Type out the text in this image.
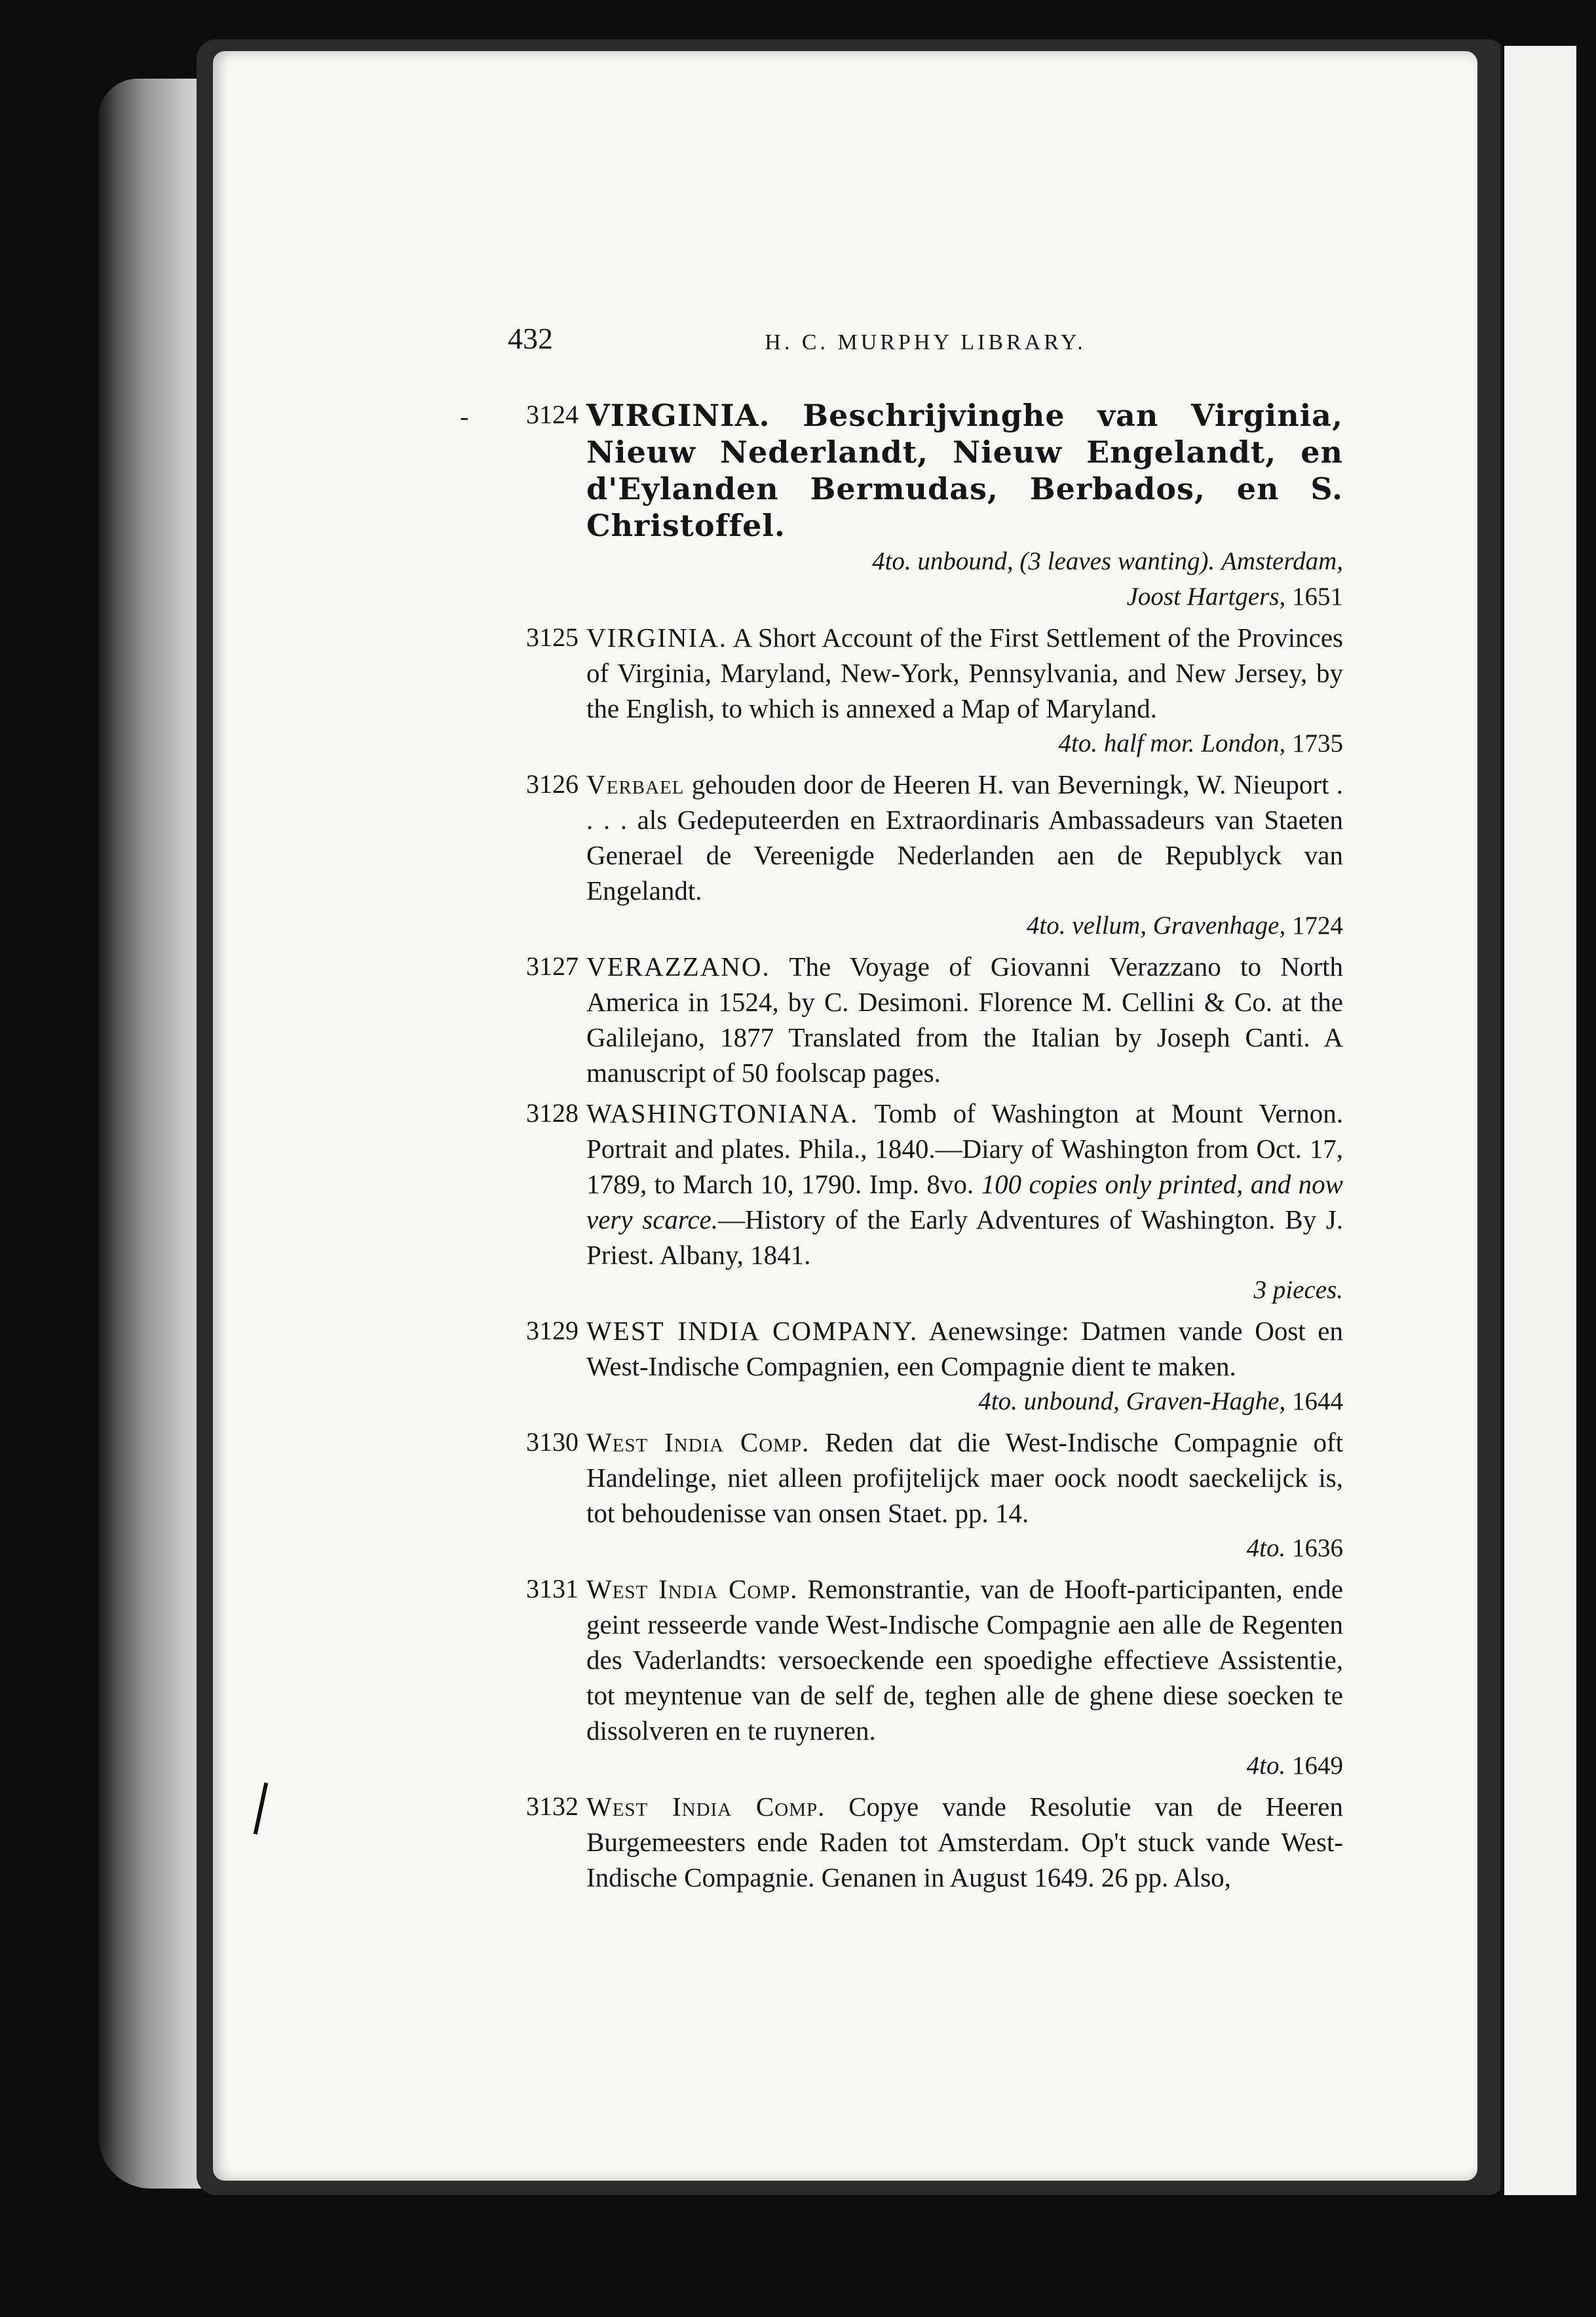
-
432	H. C. MURPHY LIBRARY.
3124 VIRGINIA. Beschrijvinghe van Virginia, Nieuw Nederlandt, Nieuw Engelandt, en d'Eylanden Bermudas, Berbados, en S. Christoffel.
4to. unbound, (3 leaves wanting). Amsterdam,
Joost Hartgers, 1651
3125 VIRGINIA. A Short Account of the First Settlement of the Provinces of Virginia, Maryland, New-York, Pennsylvania, and New Jersey, by the English, to which is annexed a Map of Maryland.
4to. half mor. London, 1735
3126 Verbael gehouden door de Heeren H. van Beverningk, W. Nieuport . . . . als Gedeputeerden en Extraordinaris Ambassadeurs van Staeten Generael de Vereenigde Nederlanden aen de Republyck van Engelandt.
4to. vellum, Gravenhage, 1724
3127 VERAZZANO. The Voyage of Giovanni Verazzano to North America in 1524, by C. Desimoni. Florence M. Cellini & Co. at the Galilejano, 1877 Translated from the Italian by Joseph Canti. A manuscript of 50 foolscap pages.
3128 WASHINGTONIANA. Tomb of Washington at Mount Vernon. Portrait and plates. Phila., 1840.—Diary of Washington from Oct. 17, 1789, to March 10, 1790. Imp. 8vo. 100 copies only printed, and now very scarce.—History of the Early Adventures of Washington. By J. Priest. Albany, 1841.
3 pieces.
3129 WEST INDIA COMPANY. Aenewsinge: Datmen vande Oost en West-Indische Compagnien, een Compagnie dient te maken.
4to. unbound, Graven-Haghe, 1644
3130 West India Comp. Reden dat die West-Indische Compagnie oft Handelinge, niet alleen profijtelijck maer oock noodt saeckelijck is, tot behoudenisse van onsen Staet. pp. 14.
4to. 1636
3131 West India Comp. Remonstrantie, van de Hooft-participanten, ende geint resseerde vande West-Indische Compagnie aen alle de Regenten des Vaderlandts: versoeckende een spoedighe effectieve Assistentie, tot meyntenue van de self de, teghen alle de ghene diese soecken te dissolveren en te ruyneren.
4to. 1649
3132 West India Comp. Copye vande Resolutie van de Heeren Burgemeesters ende Raden tot Amsterdam. Op't stuck vande West-Indische Compagnie. Genanen in August 1649. 26 pp. Also,
